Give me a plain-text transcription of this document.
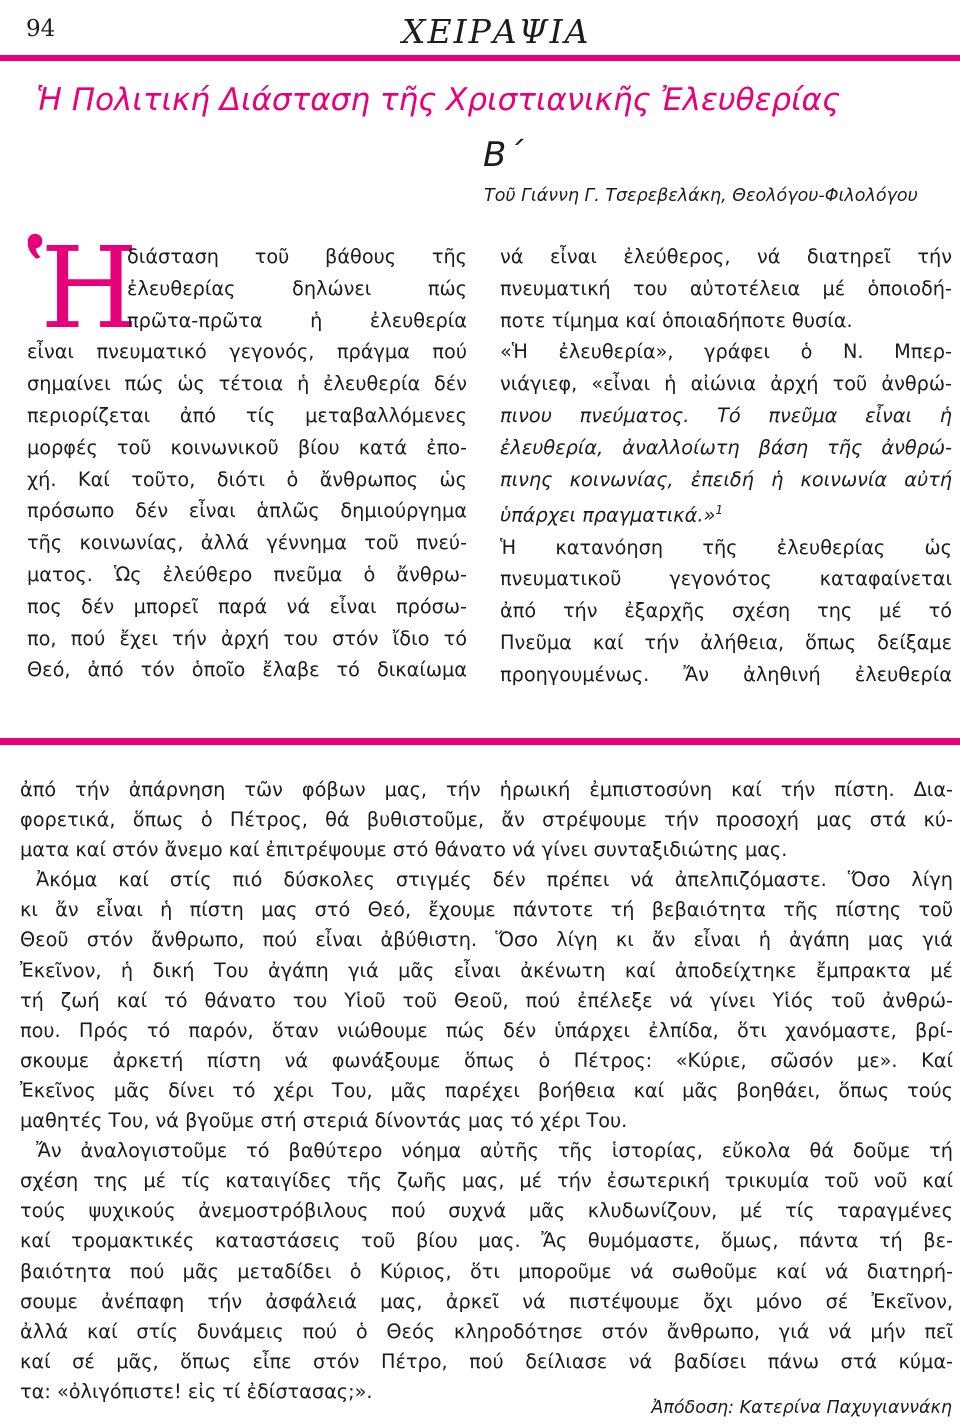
94	ΧΕΙΡΑΨΙΑ
Ἡ Πολιτική Διάσταση τῆς Χριστιανικῆς Ἐλευθερίας
Β΄
Τοῦ Γιάννη Γ. Τσερεβελάκη, Θεολόγου-Φιλολόγου
Ἡ
διάσταση τοῦ βάθους τῆς
ἐλευθερίας δηλώνει πώς
πρῶτα-πρῶτα ἡ ἐλευθερία
εἶναι πνευματικό γεγονός, πράγμα πού
σημαίνει πώς ὡς τέτοια ἡ ἐλευθερία δέν
περιορίζεται ἀπό τίς μεταβαλλόμενες
μορφές τοῦ κοινωνικοῦ βίου κατά ἐπο-
χή. Καί τοῦτο, διότι ὁ ἄνθρωπος ὡς
πρόσωπο δέν εἶναι ἁπλῶς δημιούργημα
τῆς κοινωνίας, ἀλλά γέννημα τοῦ πνεύ-
ματος. Ὡς ἐλεύθερο πνεῦμα ὁ ἄνθρω-
πος δέν μπορεῖ παρά νά εἶναι πρόσω-
πο, πού ἔχει τήν ἀρχή του στόν ἴδιο τό
Θεό, ἀπό τόν ὁποῖο ἔλαβε τό δικαίωμα
νά εἶναι ἐλεύθερος, νά διατηρεῖ τήν
πνευματική του αὐτοτέλεια μέ ὁποιοδή-
ποτε τίμημα καί ὁποιαδήποτε θυσία.
«Ἡ ἐλευθερία», γράφει ὁ Ν. Μπερ-
νιάγιεφ, «εἶναι ἡ αἰώνια ἀρχή τοῦ ἀνθρώ-
πινου πνεύματος. Τό πνεῦμα εἶναι ἡ
ἐλευθερία, ἀναλλοίωτη βάση τῆς ἀνθρώ-
πινης κοινωνίας, ἐπειδή ἡ κοινωνία αὐτή
ὑπάρχει πραγματικά.»$^1$
Ἡ κατανόηση τῆς ἐλευθερίας ὡς
πνευματικοῦ γεγονότος καταφαίνεται
ἀπό τήν ἐξαρχῆς σχέση της μέ τό
Πνεῦμα καί τήν ἀλήθεια, ὅπως δείξαμε
προηγουμένως. Ἄν ἀληθινή ἐλευθερία
ἀπό τήν ἀπάρνηση τῶν φόβων μας, τήν ἡρωική ἐμπιστοσύνη καί τήν πίστη. Δια-
φορετικά, ὅπως ὁ Πέτρος, θά βυθιστοῦμε, ἄν στρέψουμε τήν προσοχή μας στά κύ-
ματα καί στόν ἄνεμο καί ἐπιτρέψουμε στό θάνατο νά γίνει συνταξιδιώτης μας.
Ἀκόμα καί στίς πιό δύσκολες στιγμές δέν πρέπει νά ἀπελπιζόμαστε. Ὅσο λίγη
κι ἄν εἶναι ἡ πίστη μας στό Θεό, ἔχουμε πάντοτε τή βεβαιότητα τῆς πίστης τοῦ
Θεοῦ στόν ἄνθρωπο, πού εἶναι ἀβύθιστη. Ὅσο λίγη κι ἄν εἶναι ἡ ἀγάπη μας γιά
Ἐκεῖνον, ἡ δική Του ἀγάπη γιά μᾶς εἶναι ἀκένωτη καί ἀποδείχτηκε ἔμπρακτα μέ
τή ζωή καί τό θάνατο του Υἱοῦ τοῦ Θεοῦ, πού ἐπέλεξε νά γίνει Υἱός τοῦ ἀνθρώ-
που. Πρός τό παρόν, ὅταν νιώθουμε πώς δέν ὑπάρχει ἐλπίδα, ὅτι χανόμαστε, βρί-
σκουμε ἀρκετή πίστη νά φωνάξουμε ὅπως ὁ Πέτρος: «Κύριε, σῶσόν με». Καί
Ἐκεῖνος μᾶς δίνει τό χέρι Του, μᾶς παρέχει βοήθεια καί μᾶς βοηθάει, ὅπως τούς
μαθητές Του, νά βγοῦμε στή στεριά δίνοντάς μας τό χέρι Του.
Ἄν ἀναλογιστοῦμε τό βαθύτερο νόημα αὐτῆς τῆς ἱστορίας, εὔκολα θά δοῦμε τή
σχέση της μέ τίς καταιγίδες τῆς ζωῆς μας, μέ τήν ἐσωτερική τρικυμία τοῦ νοῦ καί
τούς ψυχικούς ἀνεμοστρόβιλους πού συχνά μᾶς κλυδωνίζουν, μέ τίς ταραγμένες
καί τρομακτικές καταστάσεις τοῦ βίου μας. Ἄς θυμόμαστε, ὅμως, πάντα τή βε-
βαιότητα πού μᾶς μεταδίδει ὁ Κύριος, ὅτι μποροῦμε νά σωθοῦμε καί νά διατηρή-
σουμε ἀνέπαφη τήν ἀσφάλειά μας, ἀρκεῖ νά πιστέψουμε ὄχι μόνο σέ Ἐκεῖνον,
ἀλλά καί στίς δυνάμεις πού ὁ Θεός κληροδότησε στόν ἄνθρωπο, γιά νά μήν πεῖ
καί σέ μᾶς, ὅπως εἶπε στόν Πέτρο, πού δείλιασε νά βαδίσει πάνω στά κύμα-
τα: «ὀλιγόπιστε! εἰς τί ἐδίστασας;».
Ἀπόδοση: Κατερίνα Παχυγιαννάκη
